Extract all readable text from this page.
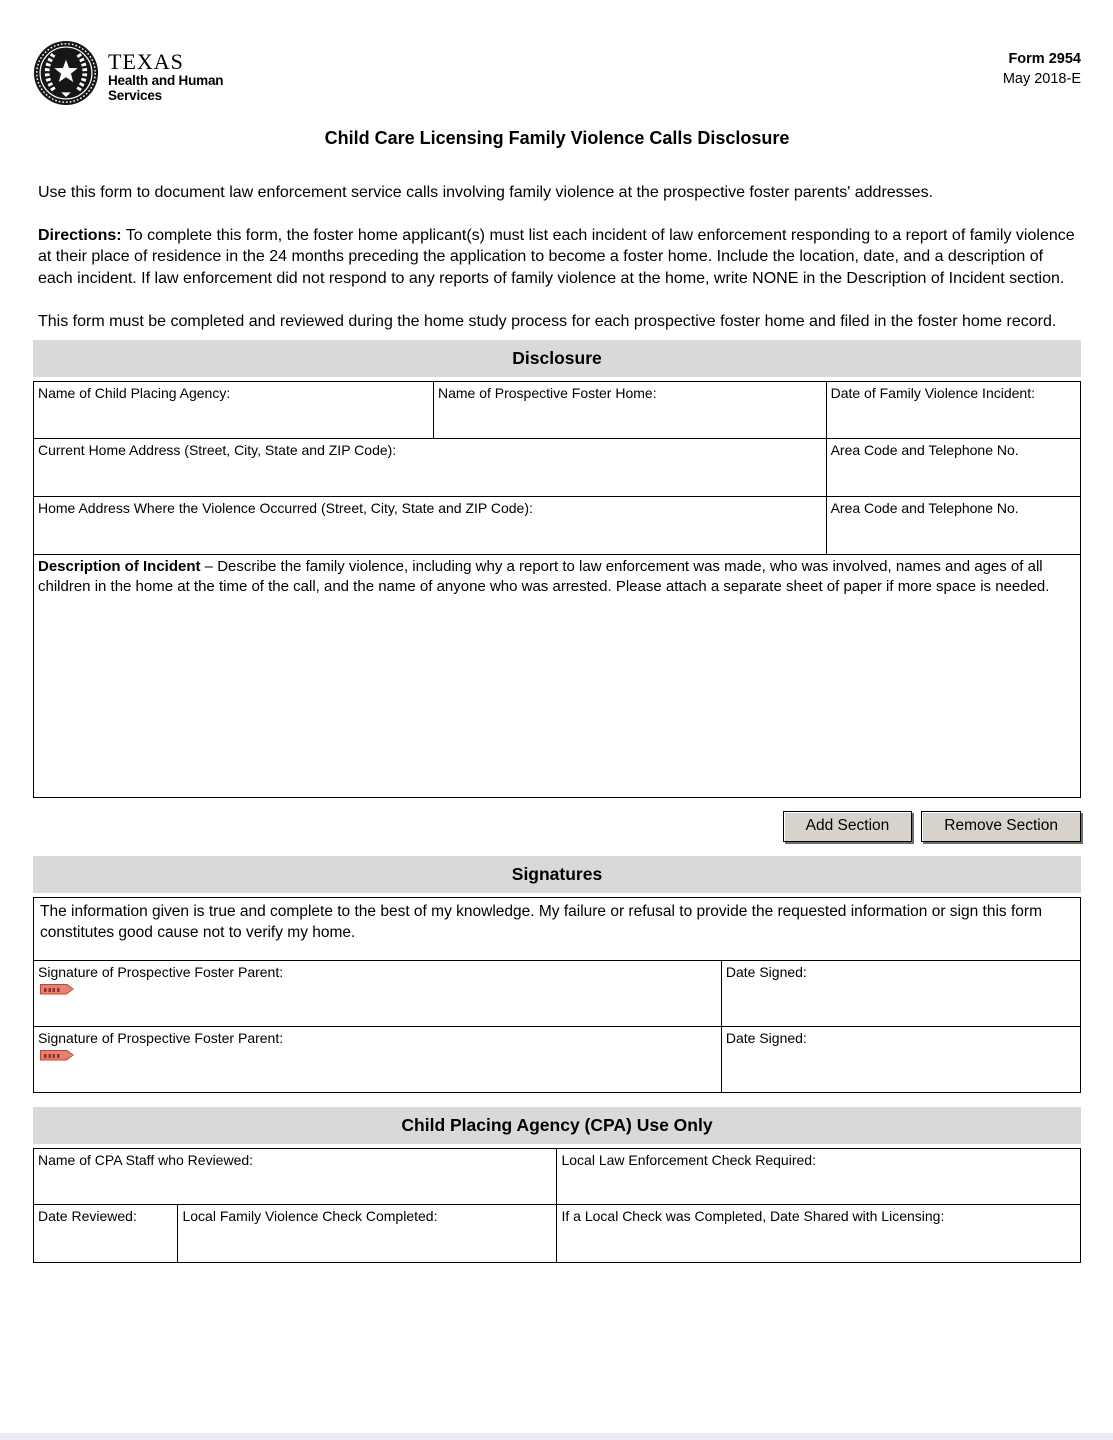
TEXAS
Health and Human
Services
Form 2954
May 2018-E
Child Care Licensing Family Violence Calls Disclosure
Use this form to document law enforcement service calls involving family violence at the prospective foster parents' addresses.
Directions: To complete this form, the foster home applicant(s) must list each incident of law enforcement responding to a report of family violence at their place of residence in the 24 months preceding the application to become a foster home. Include the location, date, and a description of each incident. If law enforcement did not respond to any reports of family violence at the home, write NONE in the Description of Incident section.
This form must be completed and reviewed during the home study process for each prospective foster home and filed in the foster home record.
Disclosure
Name of Child Placing Agency:	Name of Prospective Foster Home:	Date of Family Violence Incident:
Current Home Address (Street, City, State and ZIP Code):		Area Code and Telephone No.
Home Address Where the Violence Occurred (Street, City, State and ZIP Code):		Area Code and Telephone No.
Description of Incident – Describe the family violence, including why a report to law enforcement was made, who was involved, names and ages of all children in the home at the time of the call, and the name of anyone who was arrested. Please attach a separate sheet of paper if more space is needed.		
Add Section	Remove Section
Signatures
The information given is true and complete to the best of my knowledge. My failure or refusal to provide the requested information or sign this form constitutes good cause not to verify my home.	

Signature of Prospective Foster Parent:	Date Signed:

Signature of Prospective Foster Parent:	Date Signed:
Child Placing Agency (CPA) Use Only
Name of CPA Staff who Reviewed:		Local Law Enforcement Check Required:
Date Reviewed:	Local Family Violence Check Completed:	If a Local Check was Completed, Date Shared with Licensing:
